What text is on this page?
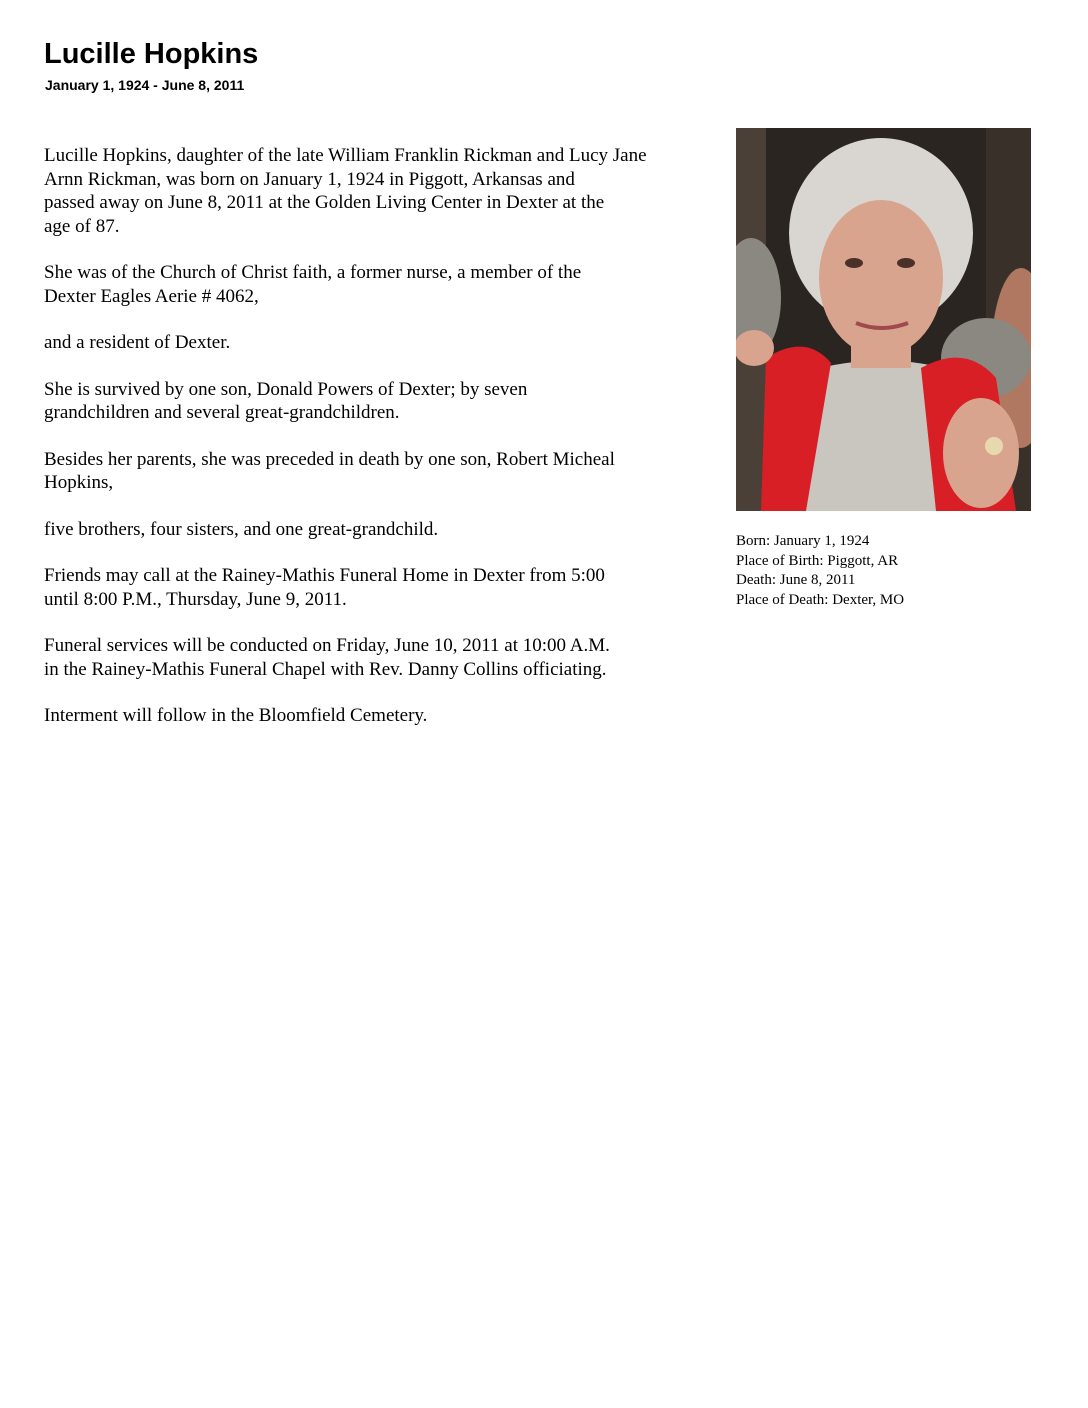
Lucille Hopkins
January 1, 1924 - June 8, 2011

Lucille Hopkins, daughter of the late William Franklin Rickman and Lucy Jane
Arnn Rickman, was born on January 1, 1924 in Piggott, Arkansas and
passed away on June 8, 2011 at the Golden Living Center in Dexter at the
age of 87.

She was of the Church of Christ faith, a former nurse, a member of the
Dexter Eagles Aerie # 4062,

and a resident of Dexter.

She is survived by one son, Donald Powers of Dexter; by seven
grandchildren and several great-grandchildren.

Besides her parents, she was preceded in death by one son, Robert Micheal
Hopkins,

five brothers, four sisters, and one great-grandchild.

Friends may call at the Rainey-Mathis Funeral Home in Dexter from 5:00
until 8:00 P.M., Thursday, June 9, 2011.

Funeral services will be conducted on Friday, June 10, 2011 at 10:00 A.M.
in the Rainey-Mathis Funeral Chapel with Rev. Danny Collins officiating.

Interment will follow in the Bloomfield Cemetery.

Born: January 1, 1924
Place of Birth: Piggott, AR
Death: June 8, 2011
Place of Death: Dexter, MO
